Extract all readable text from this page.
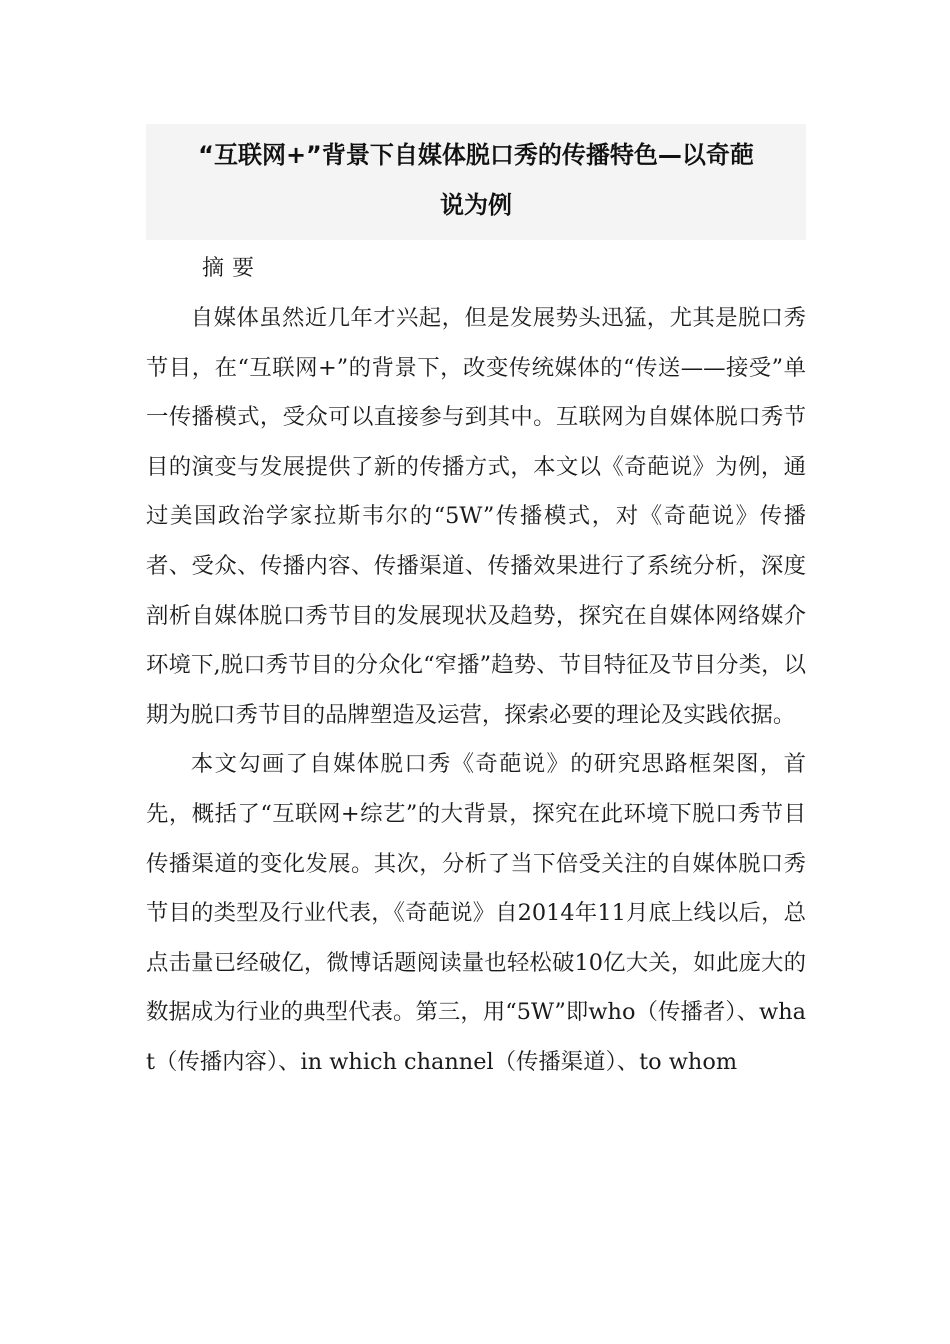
“互联网+”背景下自媒体脱口秀的传播特色—以奇葩
说为例
摘要

自媒体虽然近几年才兴起，但是发展势头迅猛，尤其是脱口秀节目，在“互联网+”的背景下，改变传统媒体的“传送——接受”单一传播模式，受众可以直接参与到其中。互联网为自媒体脱口秀节目的演变与发展提供了新的传播方式，本文以《奇葩说》为例，通过美国政治学家拉斯韦尔的“5W”传播模式，对《奇葩说》传播者、受众、传播内容、传播渠道、传播效果进行了系统分析，深度剖析自媒体脱口秀节目的发展现状及趋势，探究在自媒体网络媒介环境下,脱口秀节目的分众化“窄播”趋势、节目特征及节目分类，以期为脱口秀节目的品牌塑造及运营，探索必要的理论及实践依据。

本文勾画了自媒体脱口秀《奇葩说》的研究思路框架图，首先，概括了“互联网+综艺”的大背景，探究在此环境下脱口秀节目传播渠道的变化发展。其次，分析了当下倍受关注的自媒体脱口秀节目的类型及行业代表，《奇葩说》自2014年11月底上线以后，总点击量已经破亿，微博话题阅读量也轻松破10亿大关，如此庞大的数据成为行业的典型代表。第三，用“5W”即who（传播者）、what（传播内容）、in which channel（传播渠道）、to whom
